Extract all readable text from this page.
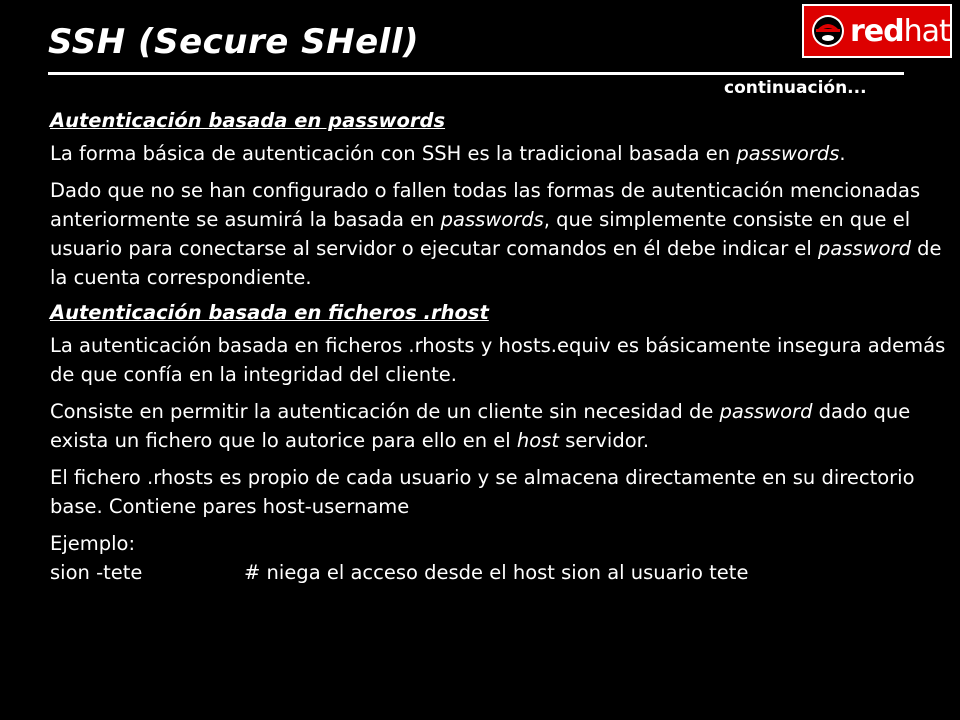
SSH (Secure SHell)
continuación...
redhat
Autenticación basada en passwords

La forma básica de autenticación con SSH es la tradicional basada en passwords.

Dado que no se han configurado o fallen todas las formas de autenticación mencionadas anteriormente se asumirá la basada en passwords, que simplemente consiste en que el usuario para conectarse al servidor o ejecutar comandos en él debe indicar el password de la cuenta correspondiente.

Autenticación basada en ficheros .rhost

La autenticación basada en ficheros .rhosts y hosts.equiv es básicamente insegura además de que confía en la integridad del cliente.

Consiste en permitir la autenticación de un cliente sin necesidad de password dado que exista un fichero que lo autorice para ello en el host servidor.

El fichero .rhosts es propio de cada usuario y se almacena directamente en su directorio base. Contiene pares host-username

Ejemplo:
sion -tete	# niega el acceso desde el host sion al usuario tete
